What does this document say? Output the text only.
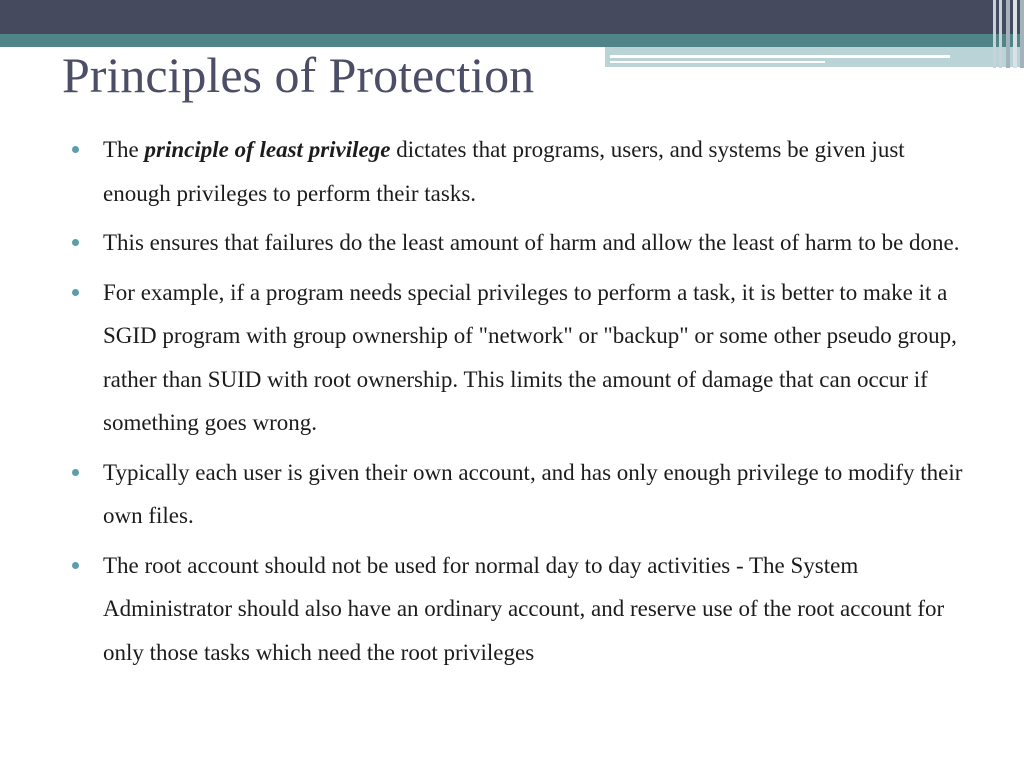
Principles of Protection
The principle of least privilege dictates that programs, users, and systems be given just enough privileges to perform their tasks.
This ensures that failures do the least amount of harm and allow the least of harm to be done.
For example, if a program needs special privileges to perform a task, it is better to make it a SGID program with group ownership of "network" or "backup" or some other pseudo group, rather than SUID with root ownership. This limits the amount of damage that can occur if something goes wrong.
Typically each user is given their own account, and has only enough privilege to modify their own files.
The root account should not be used for normal day to day activities - The System Administrator should also have an ordinary account, and reserve use of the root account for only those tasks which need the root privileges
